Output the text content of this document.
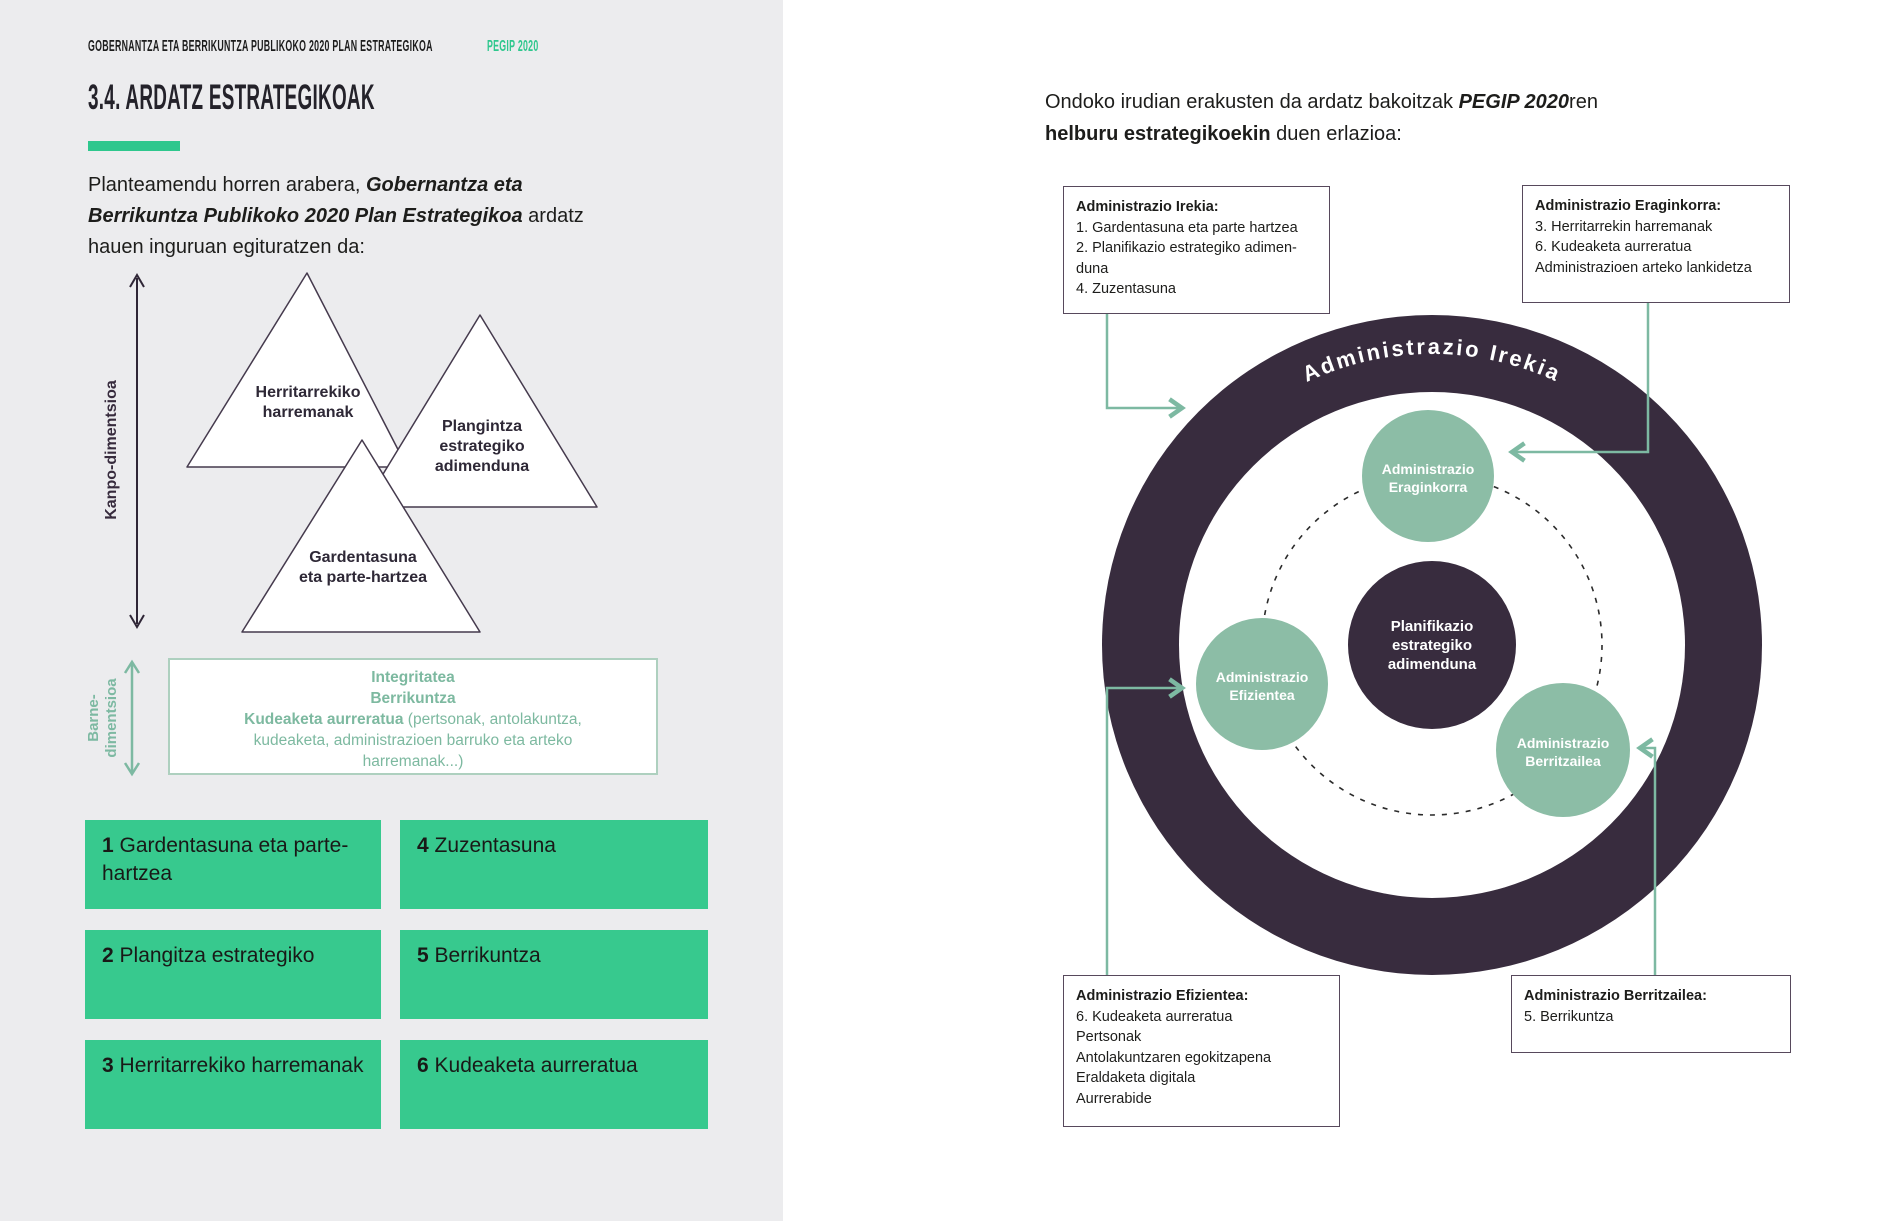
GOBERNANTZA ETA BERRIKUNTZA PUBLIKOKO 2020 PLAN ESTRATEGIKOA	PEGIP 2020
3.4. ARDATZ ESTRATEGIKOAK
Planteamendu horren arabera, Gobernantza eta
Berrikuntza Publikoko 2020 Plan Estrategikoa ardatz
hauen inguruan egituratzen da:
Kanpo-dimentsioa
Barne-dimentsioa
Herritarrekiko
harremanak
Plangintza
estrategiko
adimenduna
Gardentasuna
eta parte-hartzea
Integritatea
Berrikuntza
Kudeaketa aurreratua (pertsonak, antolakuntza,
kudeaketa, administrazioen barruko eta arteko
harremanak...)
1 Gardentasuna eta parte-hartzea
4 Zuzentasuna
2 Plangitza estrategiko	5 Berrikuntza
3 Herritarrekiko harremanak	6 Kudeaketa aurreratua
Ondoko irudian erakusten da ardatz bakoitzak PEGIP 2020ren
helburu estrategikoekin duen erlazioa:
Administrazio Irekia
Administrazio
Eraginkorra
Administrazio
Efizientea
Administrazio
Berritzailea
Planifikazio
estrategiko
adimenduna
Administrazio Irekia:
1. Gardentasuna eta parte hartzea
2. Planifikazio estrategiko adimen-
duna
4. Zuzentasuna
Administrazio Eraginkorra:
3. Herritarrekin harremanak
6. Kudeaketa aurreratua
Administrazioen arteko lankidetza
Administrazio Efizientea:
6. Kudeaketa aurreratua
Pertsonak
Antolakuntzaren egokitzapena
Eraldaketa digitala
Aurrerabide
Administrazio Berritzailea:
5. Berrikuntza
